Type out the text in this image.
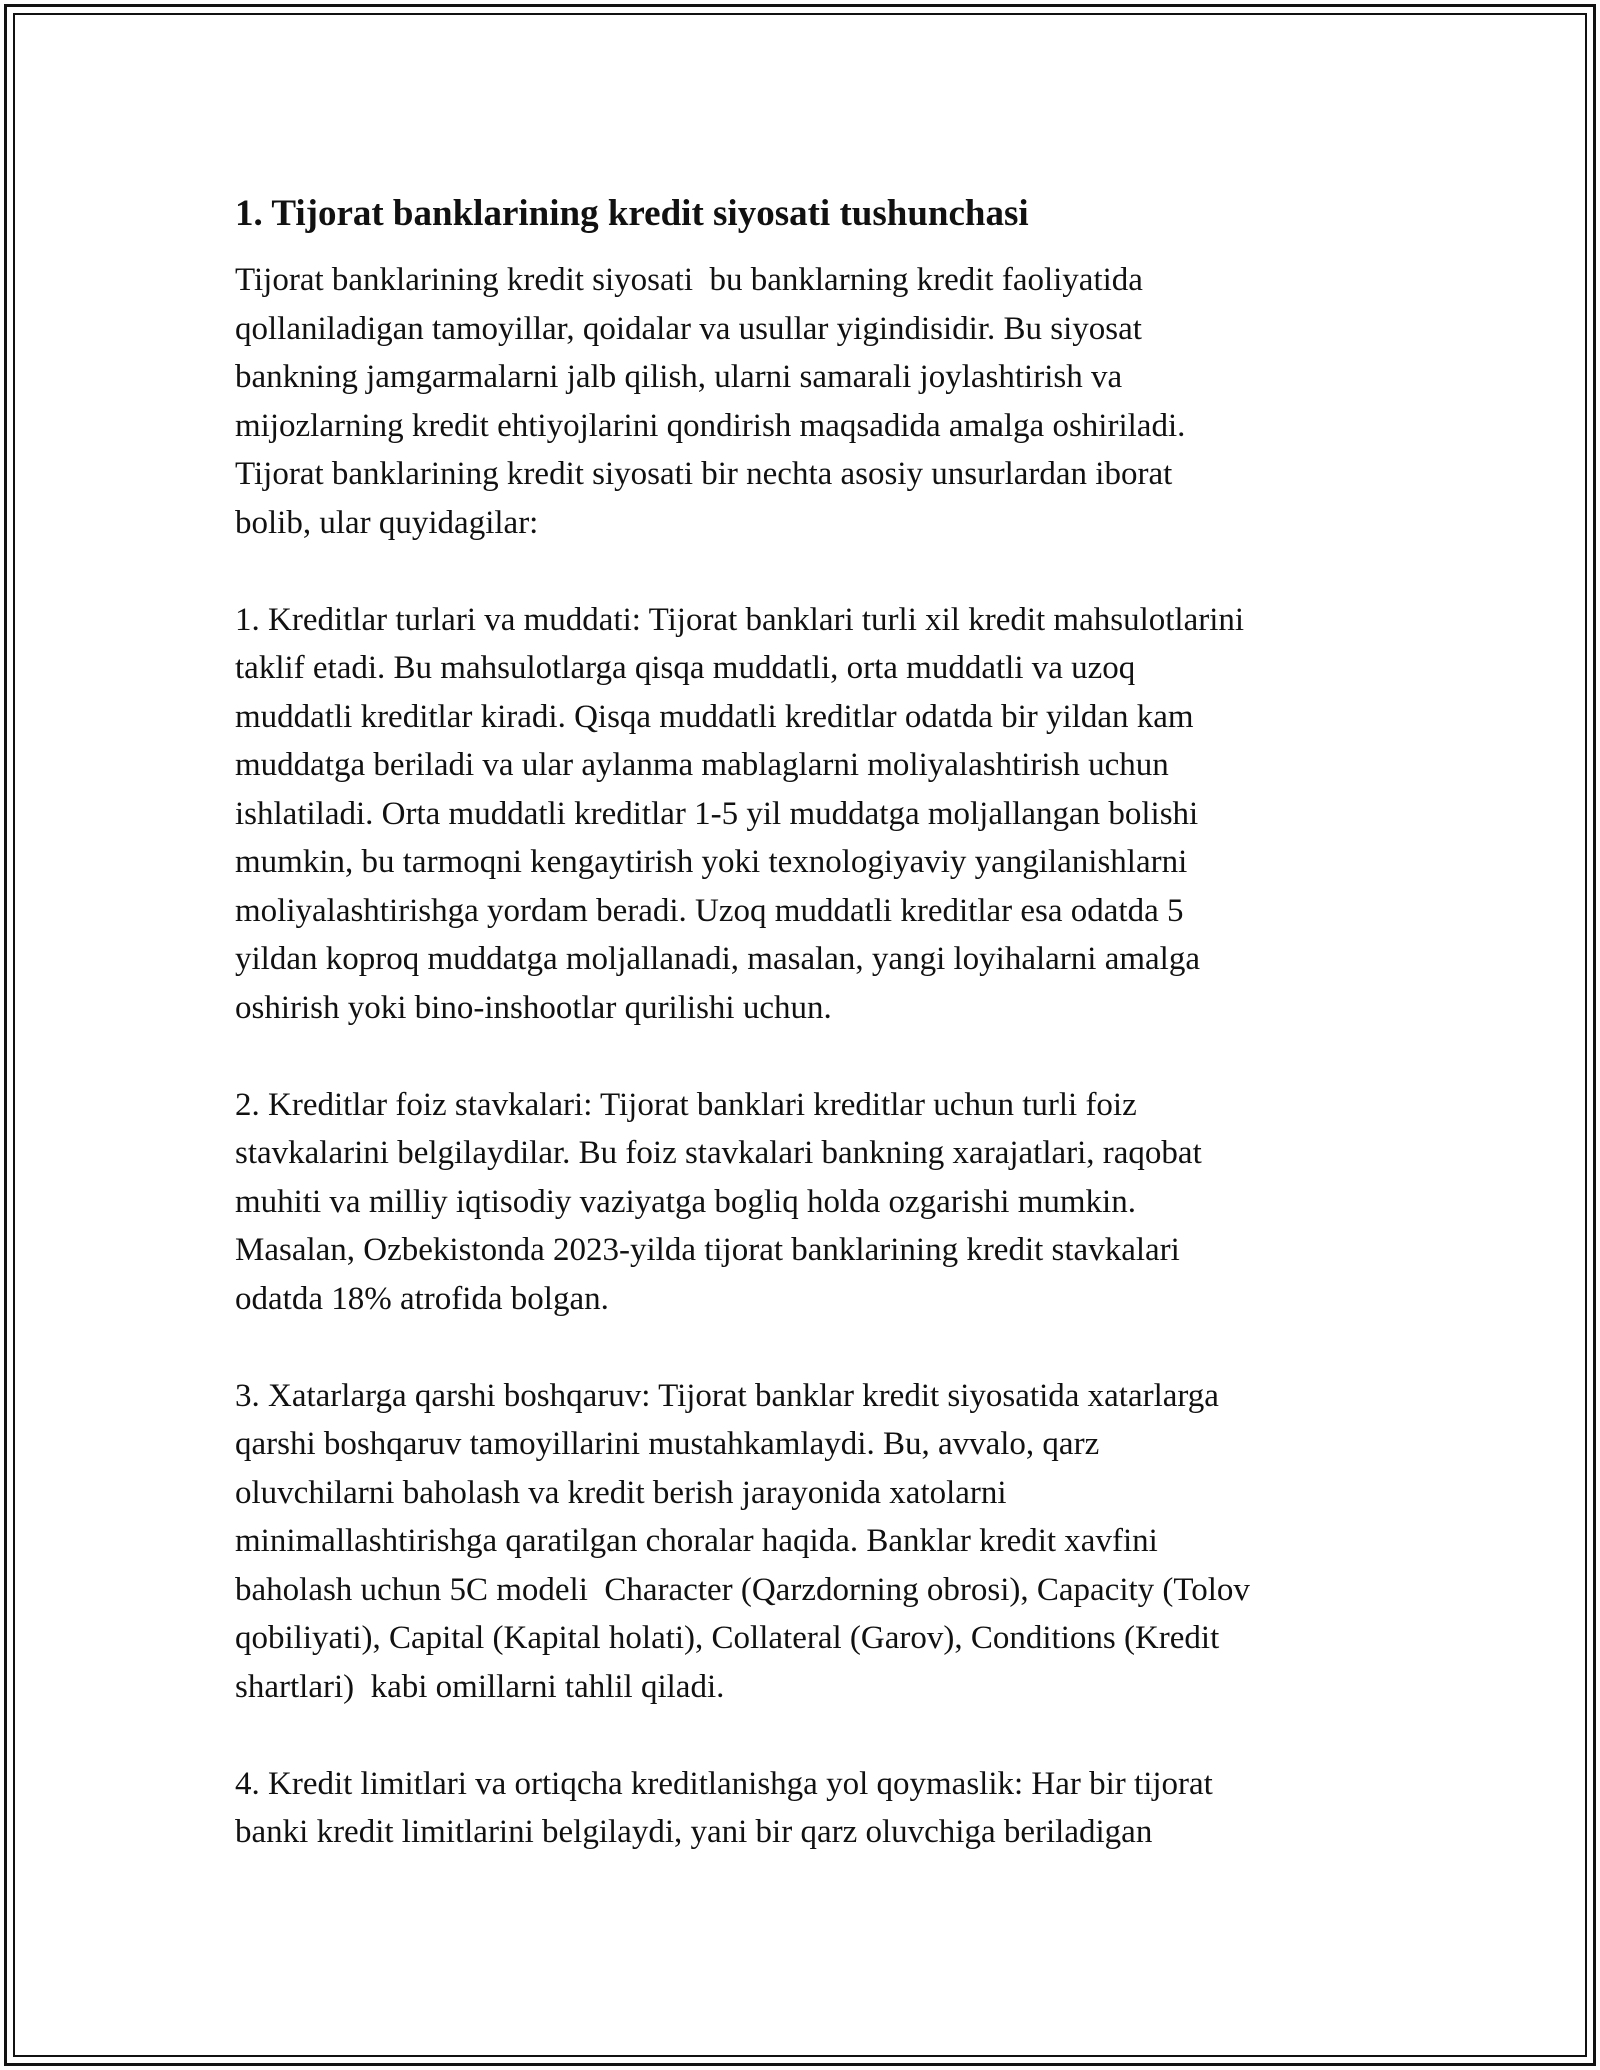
1. Tijorat banklarining kredit siyosati tushunchasi
Tijorat banklarining kredit siyosati  bu banklarning kredit faoliyatida
qollaniladigan tamoyillar, qoidalar va usullar yigindisidir. Bu siyosat
bankning jamgarmalarni jalb qilish, ularni samarali joylashtirish va
mijozlarning kredit ehtiyojlarini qondirish maqsadida amalga oshiriladi.
Tijorat banklarining kredit siyosati bir nechta asosiy unsurlardan iborat
bolib, ular quyidagilar:
1. Kreditlar turlari va muddati: Tijorat banklari turli xil kredit mahsulotlarini
taklif etadi. Bu mahsulotlarga qisqa muddatli, orta muddatli va uzoq
muddatli kreditlar kiradi. Qisqa muddatli kreditlar odatda bir yildan kam
muddatga beriladi va ular aylanma mablaglarni moliyalashtirish uchun
ishlatiladi. Orta muddatli kreditlar 1-5 yil muddatga moljallangan bolishi
mumkin, bu tarmoqni kengaytirish yoki texnologiyaviy yangilanishlarni
moliyalashtirishga yordam beradi. Uzoq muddatli kreditlar esa odatda 5
yildan koproq muddatga moljallanadi, masalan, yangi loyihalarni amalga
oshirish yoki bino-inshootlar qurilishi uchun.
2. Kreditlar foiz stavkalari: Tijorat banklari kreditlar uchun turli foiz
stavkalarini belgilaydilar. Bu foiz stavkalari bankning xarajatlari, raqobat
muhiti va milliy iqtisodiy vaziyatga bogliq holda ozgarishi mumkin.
Masalan, Ozbekistonda 2023-yilda tijorat banklarining kredit stavkalari
odatda 18% atrofida bolgan.
3. Xatarlarga qarshi boshqaruv: Tijorat banklar kredit siyosatida xatarlarga
qarshi boshqaruv tamoyillarini mustahkamlaydi. Bu, avvalo, qarz
oluvchilarni baholash va kredit berish jarayonida xatolarni
minimallashtirishga qaratilgan choralar haqida. Banklar kredit xavfini
baholash uchun 5C modeli  Character (Qarzdorning obrosi), Capacity (Tolov
qobiliyati), Capital (Kapital holati), Collateral (Garov), Conditions (Kredit
shartlari)  kabi omillarni tahlil qiladi.
4. Kredit limitlari va ortiqcha kreditlanishga yol qoymaslik: Har bir tijorat
banki kredit limitlarini belgilaydi, yani bir qarz oluvchiga beriladigan
